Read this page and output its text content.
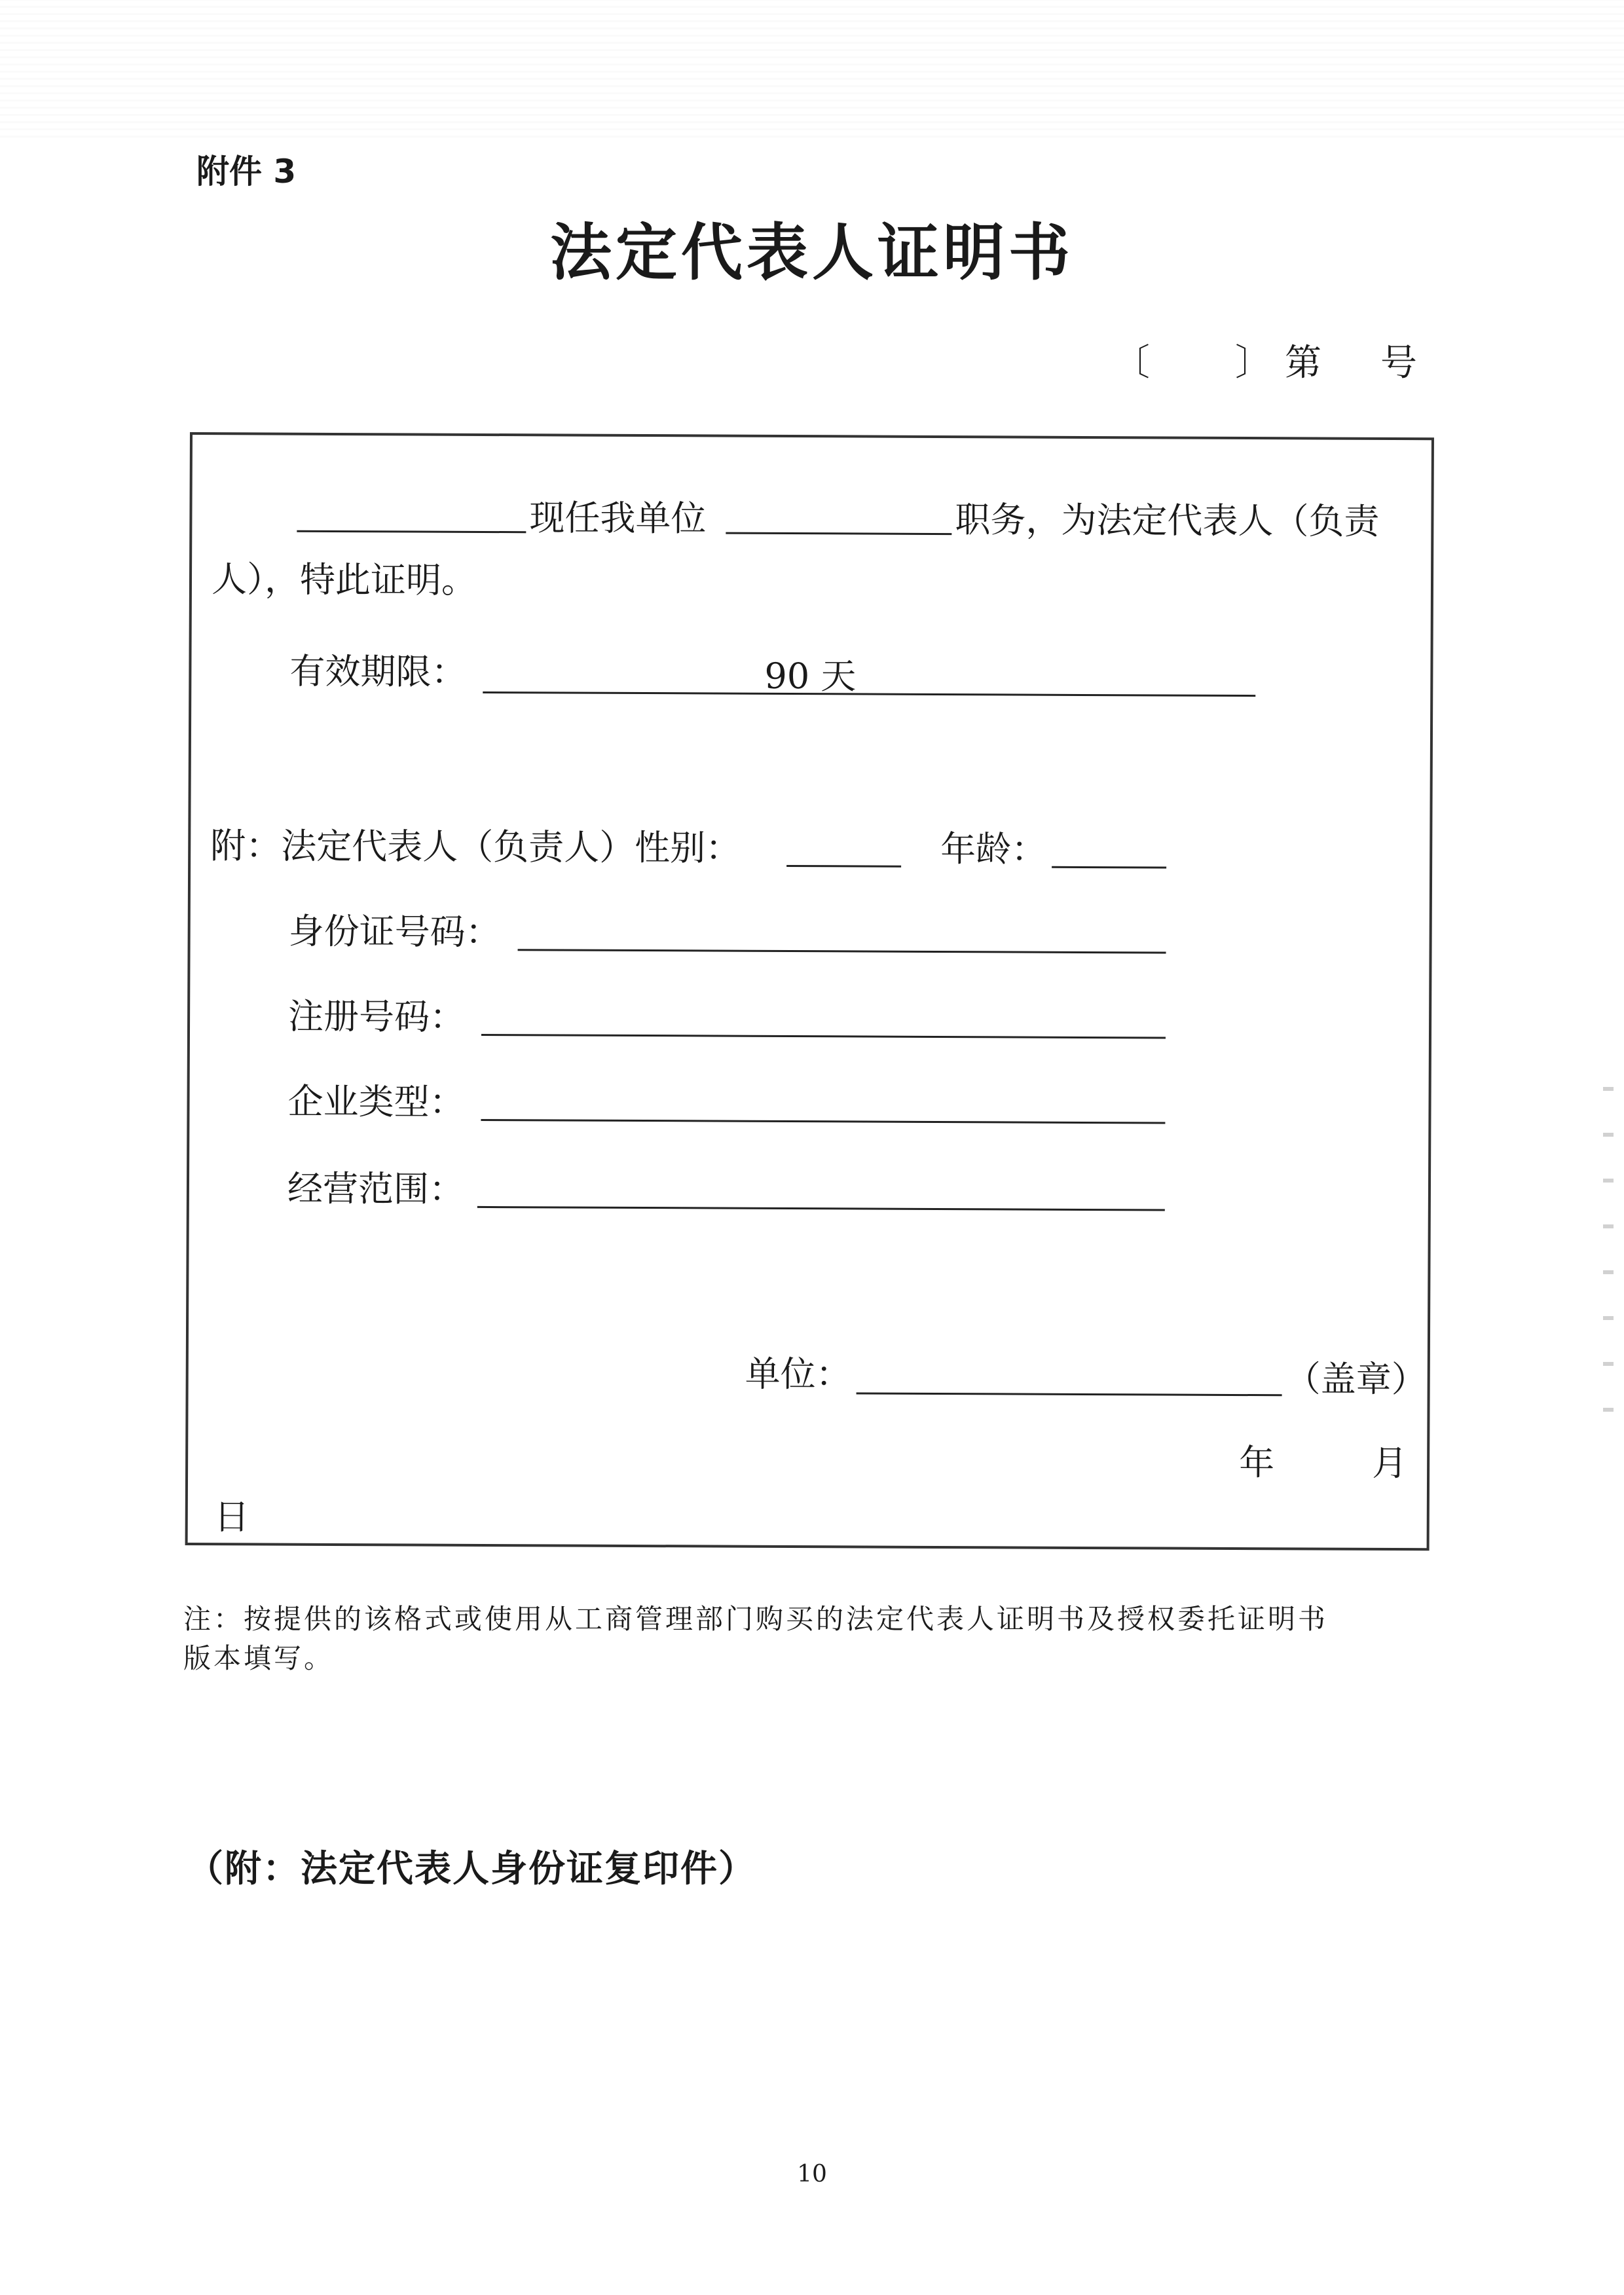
附件 3
法定代表人证明书
〔 〕 第 号
现任我单位	职务，为法定代表人（负责
人），特此证明。
有效期限：	90 天
附：法定代表人（负责人）性别：	年龄：
身份证号码：
注册号码：
企业类型：
经营范围：
单位：	（盖章）
年	月
日
注：按提供的该格式或使用从工商管理部门购买的法定代表人证明书及授权委托证明书
版本填写。
（附：法定代表人身份证复印件）
10
